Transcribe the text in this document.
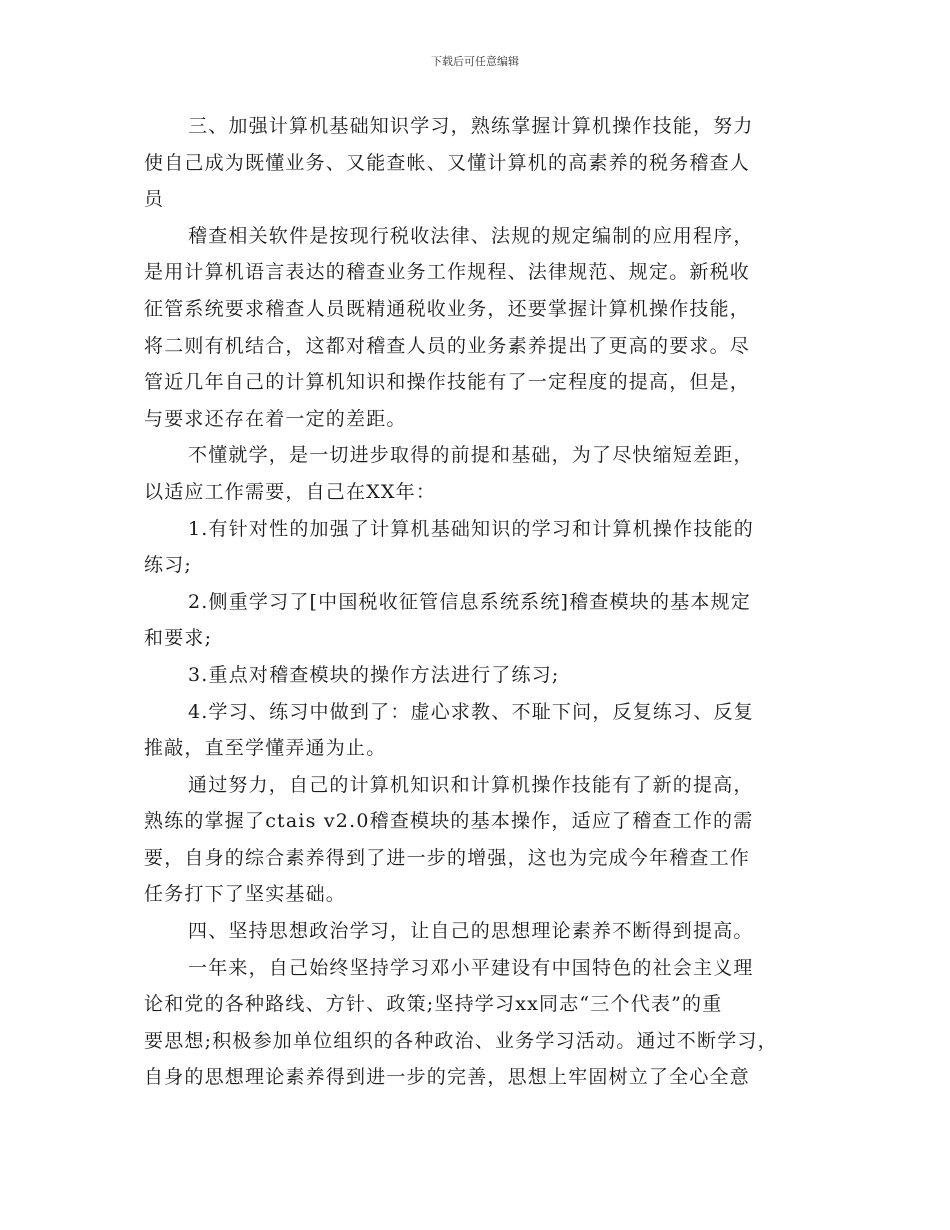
下载后可任意编辑
三、加强计算机基础知识学习，熟练掌握计算机操作技能，努力
使自己成为既懂业务、又能查帐、又懂计算机的高素养的税务稽查人
员
稽查相关软件是按现行税收法律、法规的规定编制的应用程序，
是用计算机语言表达的稽查业务工作规程、法律规范、规定。新税收
征管系统要求稽查人员既精通税收业务，还要掌握计算机操作技能，
将二则有机结合，这都对稽查人员的业务素养提出了更高的要求。尽
管近几年自己的计算机知识和操作技能有了一定程度的提高，但是，
与要求还存在着一定的差距。
不懂就学，是一切进步取得的前提和基础，为了尽快缩短差距，
以适应工作需要，自己在XX年：
1.有针对性的加强了计算机基础知识的学习和计算机操作技能的
练习;
2.侧重学习了[中国税收征管信息系统系统]稽查模块的基本规定
和要求;
3.重点对稽查模块的操作方法进行了练习;
4.学习、练习中做到了：虚心求教、不耻下问，反复练习、反复
推敲，直至学懂弄通为止。
通过努力，自己的计算机知识和计算机操作技能有了新的提高，
熟练的掌握了ctais v2.0稽查模块的基本操作，适应了稽查工作的需
要，自身的综合素养得到了进一步的增强，这也为完成今年稽查工作
任务打下了坚实基础。
四、坚持思想政治学习，让自己的思想理论素养不断得到提高。
一年来，自己始终坚持学习邓小平建设有中国特色的社会主义理
论和党的各种路线、方针、政策;坚持学习xx同志“三个代表”的重
要思想;积极参加单位组织的各种政治、业务学习活动。通过不断学习，
自身的思想理论素养得到进一步的完善，思想上牢固树立了全心全意
